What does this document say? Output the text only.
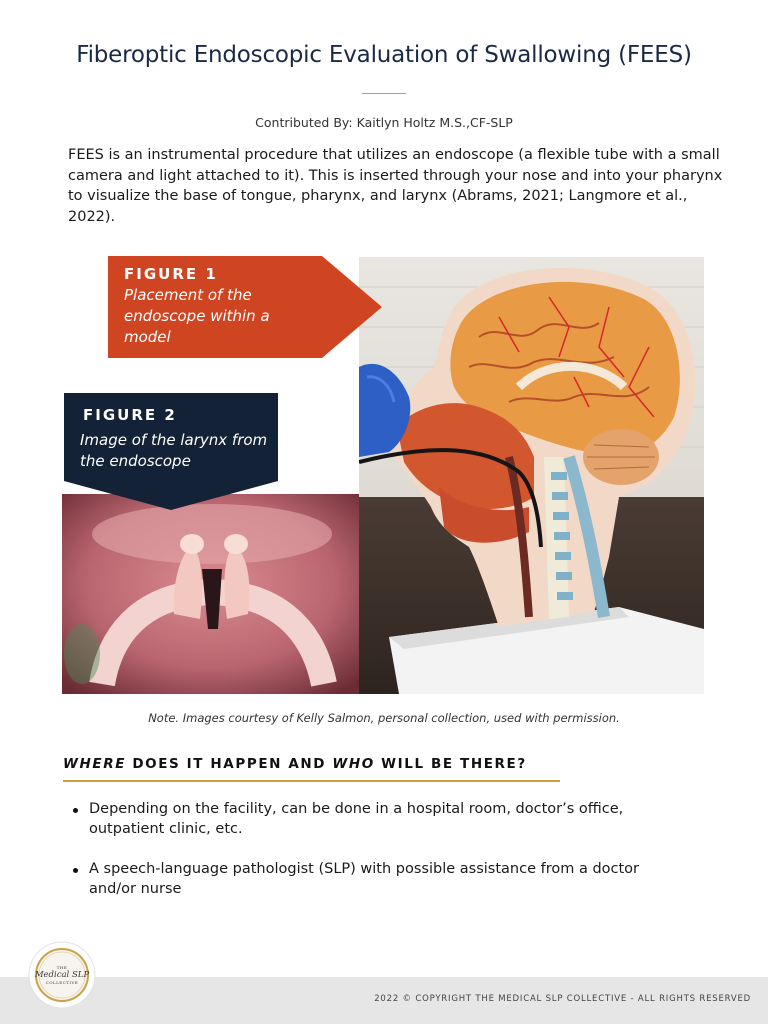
Fiberoptic Endoscopic Evaluation of Swallowing (FEES)
Contributed By: Kaitlyn Holtz M.S.,CF-SLP

FEES is an instrumental procedure that utilizes an endoscope (a flexible tube with a small camera and light attached to it). This is inserted through your nose and into your pharynx to visualize the base of tongue, pharynx, and larynx (Abrams, 2021; Langmore et al., 2022).

FIGURE 1
Placement of the endoscope within a model
FIGURE 2
Image of the larynx from the endoscope
Note. Images courtesy of Kelly Salmon, personal collection, used with permission.
WHERE DOES IT HAPPEN AND WHO WILL BE THERE?
Depending on the facility, can be done in a hospital room, doctor’s office, outpatient clinic, etc.
A speech-language pathologist (SLP) with possible assistance from a doctor and/or nurse
2022 © COPYRIGHT THE MEDICAL SLP COLLECTIVE - ALL RIGHTS RESERVED
THE
Medical SLP
COLLECTIVE
